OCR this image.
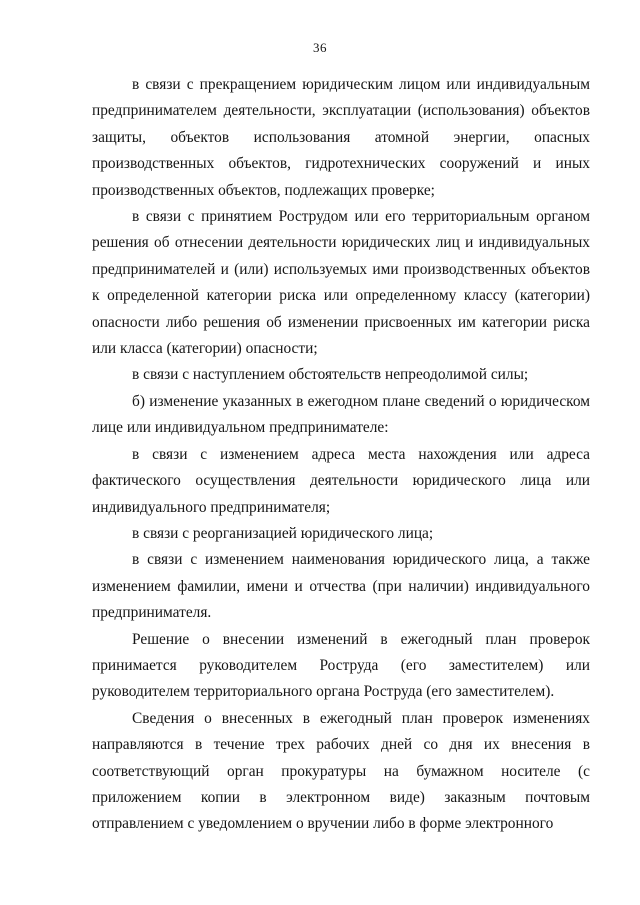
36

в связи с прекращением юридическим лицом или индивидуальным предпринимателем деятельности, эксплуатации (использования) объектов защиты, объектов использования атомной энергии, опасных производственных объектов, гидротехнических сооружений и иных производственных объектов, подлежащих проверке;

в связи с принятием Рострудом или его территориальным органом решения об отнесении деятельности юридических лиц и индивидуальных предпринимателей и (или) используемых ими производственных объектов к определенной категории риска или определенному классу (категории) опасности либо решения об изменении присвоенных им категории риска или класса (категории) опасности;

в связи с наступлением обстоятельств непреодолимой силы;

б) изменение указанных в ежегодном плане сведений о юридическом лице или индивидуальном предпринимателе:

в связи с изменением адреса места нахождения или адреса фактического осуществления деятельности юридического лица или индивидуального предпринимателя;

в связи с реорганизацией юридического лица;

в связи с изменением наименования юридического лица, а также изменением фамилии, имени и отчества (при наличии) индивидуального предпринимателя.

Решение о внесении изменений в ежегодный план проверок принимается руководителем Роструда (его заместителем) или руководителем территориального органа Роструда (его заместителем).

Сведения о внесенных в ежегодный план проверок изменениях направляются в течение трех рабочих дней со дня их внесения в соответствующий орган прокуратуры на бумажном носителе (с приложением копии в электронном виде) заказным почтовым отправлением с уведомлением о вручении либо в форме электронного
